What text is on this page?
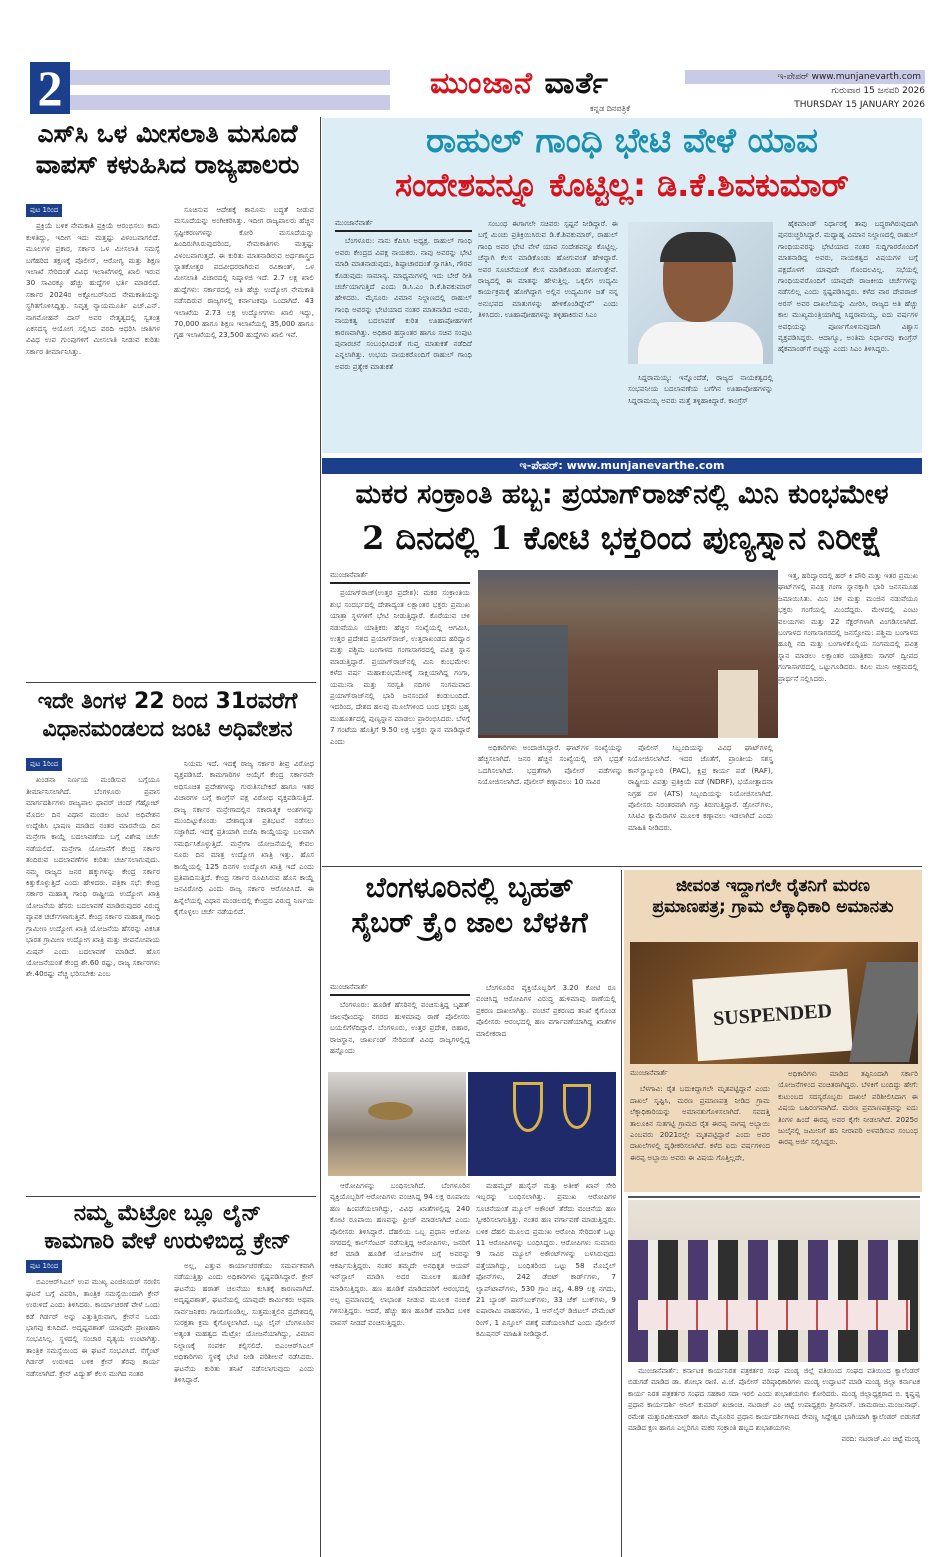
2	ಮುಂಜಾನೆ ವಾರ್ತೆ
ಕನ್ನಡ ದಿನಪತ್ರಿಕೆ
ಇ-ಪೇಪರ್ www.munjanevarth.com
ಗುರುವಾರ 15 ಜನವರಿ 2026
THURSDAY 15 JANUARY 2026
ಎಸ್‌ಸಿ ಒಳ ಮೀಸಲಾತಿ ಮಸೂದೆ
ವಾಪಸ್ ಕಳುಹಿಸಿದ ರಾಜ್ಯಪಾಲರು
ಪುಟ 1ರಿಂದ

ಪ್ರಕ್ರಿಯೆ ಬಳಿಕ ನೇಮಕಾತಿ ಪ್ರಕ್ರಿಯೆ ಆರಂಭಿಸಲು ಕಾದು ಕುಳಿತಿದ್ದು, ಇದೀಗ ಇದು ಮತ್ತಷ್ಟು ವಿಳಂಬವಾಗಲಿದೆ. ಮೂಲಗಳ ಪ್ರಕಾರ, ಸರ್ಕಾರ ಒಳ ಮೀಸಲಾತಿ ಸಮಸ್ಯೆ ಬಗೆಹರಿದ ತಕ್ಷಣಕ್ಕೆ ಪೊಲೀಸ್, ಆರೋಗ್ಯ ಮತ್ತು ಶಿಕ್ಷಣ ಇಲಾಖೆ ಸೇರಿದಂತೆ ವಿವಿಧ ಇಲಾಖೆಗಳಲ್ಲಿ ಖಾಲಿ ಇರುವ 30 ಸಾವಿರಕ್ಕೂ ಹೆಚ್ಚು ಹುದ್ದೆಗಳ ಭರ್ತಿ ಮಾಡಲಿದೆ. ಸರ್ಕಾರ 2024ರ ಅಕ್ಟೋಬರ್‌ನಿಂದ ನೇಮಕಾತಿಯನ್ನು ಸ್ಥಗಿತಗೊಳಿಸಿದ್ದಿತ್ತು. ನಿವೃತ್ತ ನ್ಯಾಯಮೂರ್ತಿ ಎಚ್.ಎನ್. ನಾಗಮೋಹನ್ ದಾಸ್ ಅವರ ನೇತೃತ್ವದಲ್ಲಿ ಸ್ವತಂತ್ರ ಏಕಸದಸ್ಯ ಆಯೋಗ ಸಲ್ಲಿಸಿದ ವರದಿ ಆಧರಿಸಿ ಜಾತಿಗಳ ವಿವಿಧ ಉಪ ಗುಂಪುಗಳಿಗೆ ಮೀಸಲಾತಿ ನೀಡುವ ಕುರಿತು ಸರ್ಕಾರ ತೀರ್ಮಾನಿಸಿತ್ತು.

ಸೂಚಿಸುವ ಆದೇಶಕ್ಕೆ ಕಾನೂನು ಬದ್ಧತೆ ನೀಡುವ ಮಸೂದೆಯನ್ನು ಅಂಗೀಕರಿಸಿತ್ತು. ಇದೀಗ ರಾಜ್ಯಪಾಲರು ಹೆಚ್ಚಿನ ಸ್ಪಷ್ಟೀಕರಣಗಳನ್ನು ಕೋರಿ ಮಸೂದೆಯನ್ನು ಹಿಂದಿರುಗಿಸಿರುವುದರಿಂದ, ನೇಮಕಾತಿಗಳು ಮತ್ತಷ್ಟು ವಿಳಂಬವಾಗುತ್ತದೆ. ಈ ಕುರಿತು ಮಾತನಾಡಿರುವ ಅರ್ಥಶಾಸ್ತ್ರದ ಸ್ನಾತಕೋತ್ತರ ಪದವೀಧರರಾಗಿರುವ ರವಿಕಾಂತ್, ಒಳ ಮೀಸಲಾತಿ ವಿಚಾರದಲ್ಲಿ ನಿಷ್ಕಾಳಜಿ ಇದೆ. 2.7 ಲಕ್ಷ ಖಾಲಿ ಹುದ್ದೆಗಳು: ಸರ್ಕಾರದಲ್ಲಿ ಅತಿ ಹೆಚ್ಚು ಉದ್ಯೋಗ ನೇಮಕಾತಿ ನಡೆಸದಿರುವ ರಾಜ್ಯಗಳಲ್ಲಿ ಕರ್ನಾಟಕವೂ ಒಂದಾಗಿದೆ. 43 ಇಲಾಖೆಯ 2.73 ಲಕ್ಷ ಉದ್ಯೋಗಗಳು ಖಾಲಿ ಇದ್ದು, 70,000 ಹಾಗೂ ಶಿಕ್ಷಣ ಇಲಾಖೆಯಲ್ಲಿ 35,000 ಹಾಗೂ ಗೃಹ ಇಲಾಖೆಯಲ್ಲಿ 23,500 ಹುದ್ದೆಗಳು ಖಾಲಿ ಇವೆ.

ರಾಹುಲ್ ಗಾಂಧಿ ಭೇಟಿ ವೇಳೆ ಯಾವ
ಸಂದೇಶವನ್ನೂ ಕೊಟ್ಟಿಲ್ಲ: ಡಿ.ಕೆ.ಶಿವಕುಮಾರ್
ಮುಂಜಾನೆವಾರ್ತೆ

ಬೆಂಗಳೂರು: ನಾನು ಕೆಪಿಸಿಸಿ ಅಧ್ಯಕ್ಷ. ರಾಹುಲ್ ಗಾಂಧಿ ಅವರು ಕೇಂದ್ರದ ವಿಪಕ್ಷ ನಾಯಕರು. ನಾವು ಅವರನ್ನು ಭೇಟಿ ಮಾಡಿ ಮಾತನಾಡುವುದು, ಶಿಷ್ಟಾಚಾರದಂತೆ ಸ್ವಾಗತಿಸಿ, ಗೌರವ ಕೊಡುವುದು ಸಾಮಾನ್ಯ. ಮಾಧ್ಯಮಗಳಲ್ಲಿ ಇದು ಬೇರೆ ರೀತಿ ಚರ್ಚೆಯಾಗುತ್ತಿದೆ ಎಂದು ಡಿ.ಸಿ.ಎಂ ಡಿ.ಕೆ.ಶಿವಕುಮಾರ್ ಹೇಳಿದರು. ಮೈಸೂರು ವಿಮಾನ ನಿಲ್ದಾಣದಲ್ಲಿ ರಾಹುಲ್ ಗಾಂಧಿ ಅವರನ್ನು ಭೇಟಿಯಾದ ನಂತರ ಮಾತನಾಡಿದ ಅವರು, ನಾಯಕತ್ವ ಬದಲಾವಣೆ ಕುರಿತ ಊಹಾಪೋಹಗಳಿಗೆ ಕಾರಣವಾಗಿತ್ತು. ಅಧಿಕಾರ ಹಸ್ತಾಂತರ ಹಾಗೂ ಸಚಿವ ಸಂಪುಟ ಪುನಾರಚನೆ ಸಂಬಂಧಿಸಿದಂತೆ ಗುಪ್ತ ಮಾತುಕತೆ ನಡೆದಿದೆ ಎನ್ನಲಾಗಿತ್ತು. ಉಭಯ ನಾಯಕರೊಂದಿಗೆ ರಾಹುಲ್ ಗಾಂಧಿ ಅವರು ಪ್ರತ್ಯೇಕ ಮಾತುಕತೆ

ಸಂಬಂಧ ಈಗಾಗಲೇ ಸಚಿವರು ಸ್ಪಷ್ಟನೆ ನೀಡಿದ್ದಾರೆ. ಈ ಬಗ್ಗೆ ಮಿಂಚು ಪ್ರತಿಕ್ರಿಯಿಸಿರುವ ಡಿ.ಕೆ.ಶಿವಕುಮಾರ್, ರಾಹುಲ್ ಗಾಂಧಿ ಅವರ ಭೇಟಿ ವೇಳೆ ಯಾವ ಸಂದೇಶವನ್ನೂ ಕೊಟ್ಟಿಲ್ಲ. ಚೆನ್ನಾಗಿ ಕೆಲಸ ಮಾಡಿಕೊಂಡು ಹೋಗುವಂತೆ ಹೇಳಿದ್ದಾರೆ. ಅವರ ಸೂಚನೆಯಂತೆ ಕೆಲಸ ಮಾಡಿಕೊಂಡು ಹೋಗುತ್ತೇವೆ. ರಾಜ್ಯದಲ್ಲಿ ಈ ಮಾತನ್ನು ಹೇಳುತ್ತಿಲ್ಲ. ಒಕ್ಕಲಿಗ ಉದ್ಯಮಿ ಕಾರ್ಯಕ್ರಮಕ್ಕೆ ಹೋಗಿದ್ದಾಗ ಅಲ್ಲಿನ ಉದ್ಯಮಿಗಳ ಜತೆ ನನ್ನ ಅನುಭವದ ಮಾತುಗಳನ್ನು ಹೇಳಿಕೊಂಡಿದ್ದೇನೆ" ಎಂದು ತಿಳಿಸಿದರು. ಊಹಾಪೋಹಗಳನ್ನು ತಳ್ಳಿಹಾಕಿರುವ ಸಿಎಂ

ಸಿದ್ದರಾಮಯ್ಯ: ಇನ್ನೊಂದೆಡೆ, ರಾಜ್ಯದ ನಾಯಕತ್ವದಲ್ಲಿ ಸಂಭವನೀಯ ಬದಲಾವಣೆಯ ಬಗೆಗಿನ ಊಹಾಪೋಹಗಳನ್ನು ಸಿದ್ದರಾಮಯ್ಯ ಅವರು ಮತ್ತೆ ತಳ್ಳಿಹಾಕಿದ್ದಾರೆ. ಕಾಂಗ್ರೆಸ್

ಹೈಕಮಾಂಡ್ ನಿರ್ಧಾರಕ್ಕೆ ತಾವು ಬದ್ಧರಾಗಿರುವುದಾಗಿ ಪುನರುಚ್ಚರಿಸಿದ್ದಾರೆ. ಮಧ್ಯಾಹ್ನ ವಿಮಾನ ನಿಲ್ದಾಣದಲ್ಲಿ ರಾಹುಲ್ ಗಾಂಧಿಯವರನ್ನು ಭೇಟಿಯಾದ ನಂತರ ಸುದ್ದಿಗಾರರೊಂದಿಗೆ ಮಾತನಾಡಿದ್ದ ಅವರು, ನಾಯಕತ್ವದ ವಿಷಯಗಳ ಬಗ್ಗೆ ಪಕ್ಷದೊಳಗೆ ಯಾವುದೇ ಗೊಂದಲವಿಲ್ಲ. ಸಭೆಯಲ್ಲಿ ಗಾಂಧಿಯವರೊಂದಿಗೆ ಯಾವುದೇ ರಾಜಕೀಯ ಚರ್ಚೆಗಳನ್ನು ನಡೆಸಲಿಲ್ಲ ಎಂದು ಸ್ಪಷ್ಟಪಡಿಸಿದ್ದರು. ಕಳೆದ ವಾರ ದೇವರಾಜ್ ಅರಸ್ ಅವರ ದಾಖಲೆಯನ್ನು ಮೀರಿಸಿ, ರಾಜ್ಯದ ಅತಿ ಹೆಚ್ಚು ಕಾಲ ಮುಖ್ಯಮಂತ್ರಿಯಾಗಿದ್ದ ಸಿದ್ದರಾಮಯ್ಯ, ಐದು ವರ್ಷಗಳ ಅವಧಿಯನ್ನು ಪೂರ್ಣಗೊಳಿಸುವುದಾಗಿ ವಿಶ್ವಾಸ ವ್ಯಕ್ತಪಡಿಸಿದ್ದರು. ಆದಾಗ್ಯೂ, ಅಂತಿಮ ನಿರ್ಧಾರವು ಕಾಂಗ್ರೆಸ್ ಹೈಕಮಾಂಡ್‌ಗೆ ಬಿಟ್ಟದ್ದು ಎಂದು ಸಿಎಂ ತಿಳಿಸಿದ್ದರು.

ಇ-ಪೇಪರ್: www.munjanevarthe.com
ಮಕರ ಸಂಕ್ರಾಂತಿ ಹಬ್ಬ: ಪ್ರಯಾಗ್‌ರಾಜ್‌ನಲ್ಲಿ ಮಿನಿ ಕುಂಭಮೇಳ
2 ದಿನದಲ್ಲಿ 1 ಕೋಟಿ ಭಕ್ತರಿಂದ ಪುಣ್ಯಸ್ನಾನ ನಿರೀಕ್ಷೆ
ಮುಂಜಾನೆವಾರ್ತೆ

ಪ್ರಯಾಗ್‌ರಾಜ್(ಉತ್ತರ ಪ್ರದೇಶ): ಮಕರ ಸಂಕ್ರಾಂತಿಯ ಶುಭ ಸಂದರ್ಭದಲ್ಲಿ ದೇಶಾದ್ಯಂತ ಲಕ್ಷಾಂತರ ಭಕ್ತರು ಪ್ರಮುಖ ಯಾತ್ರಾ ಸ್ಥಳಗಳಿಗೆ ಭೇಟಿ ನೀಡುತ್ತಿದ್ದಾರೆ. ಕೊರೆಯುವ ಚಳಿ ನಡುವೆಯೂ ಯಾತ್ರಿಕರು ಹೆಚ್ಚಿನ ಸಂಖ್ಯೆಯಲ್ಲಿ ಆಗಮಿಸಿ, ಉತ್ತರ ಪ್ರದೇಶದ ಪ್ರಯಾಗ್‌ರಾಜ್, ಉತ್ತರಾಖಂಡದ ಹರಿದ್ವಾರ ಮತ್ತು ಪಶ್ಚಿಮ ಬಂಗಾಳದ ಗಂಗಾಸಾಗರದಲ್ಲಿ ಪವಿತ್ರ ಸ್ನಾನ ಮಾಡುತ್ತಿದ್ದಾರೆ. ಪ್ರಯಾಗ್‌ರಾಜ್‌ನಲ್ಲಿ ಮಿನಿ ಕುಂಭಮೇಳ: ಕಳೆದ ವರ್ಷ ಮಹಾಕುಂಭಮೇಳಕ್ಕೆ ಸಾಕ್ಷಿಯಾಗಿದ್ದ ಗಂಗಾ, ಯಮುನಾ ಮತ್ತು ಸರಸ್ವತಿ ನದಿಗಳ ಸಂಗಮವಾದ ಪ್ರಯಾಗ್‌ರಾಜ್‌ನಲ್ಲಿ ಭಾರಿ ಜನಸಂದಣಿ ಕಂಡುಬಂದಿದೆ. ಇದರಿಂದ, ದೇಶದ ಹಲವು ಮೂಲೆಗಳಿಂದ ಬಂದ ಭಕ್ತರು ಬ್ರಹ್ಮ ಮುಹೂರ್ತದಲ್ಲಿ ಪುಣ್ಯಸ್ನಾನ ಮಾಡಲು ಪ್ರಾರಂಭಿಸಿದರು. ಬೆಳಗ್ಗೆ 7 ಗಂಟೆಯ ಹೊತ್ತಿಗೆ 9.50 ಲಕ್ಷ ಭಕ್ತರು ಸ್ನಾನ ಮಾಡಿದ್ದಾರೆ ಎಂದು

ಅಧಿಕಾರಿಗಳು ಅಂದಾಜಿಸಿದ್ದಾರೆ. ಘಾಟ್‌ಗಳ ಸಂಖ್ಯೆಯನ್ನು ಹೆಚ್ಚಿಸಲಾಗಿದೆ. ಜನರ ಹೆಚ್ಚಿನ ಸಂಖ್ಯೆಯಲ್ಲಿ ಬಿಗಿ ಭದ್ರತೆ ಒದಗಿಸಲಾಗಿದೆ. ಭದ್ರತೆಗಾಗಿ ಪೊಲೀಸ್ ಪಡೆಗಳನ್ನು ನಿಯೋಜಿಸಲಾಗಿದೆ. ಪೊಲೀಸ್ ಕಣ್ಗಾವಲು: 10 ಸಾವಿರ

ಪೊಲೀಸ್ ಸಿಬ್ಬಂದಿಯನ್ನು ವಿವಿಧ ಘಾಟ್‌ಗಳಲ್ಲಿ ನಿಯೋಜಿಸಲಾಗಿದೆ. ಇದರ ಜೊತೆಗೆ, ಪ್ರಾಂತೀಯ ಸಶಸ್ತ್ರ ಕಾನ್‌ಸ್ಟಾಬ್ಯುಲರಿ (PAC), ಕ್ಷಿಪ್ರ ಕಾರ್ಯ ಪಡೆ (RAF), ರಾಷ್ಟ್ರೀಯ ವಿಪತ್ತು ಪ್ರತಿಕ್ರಿಯೆ ಪಡೆ (NDRF), ಭಯೋತ್ಪಾದನಾ ನಿಗ್ರಹ ದಳ (ATS) ಸಿಬ್ಬಂದಿಯನ್ನು ನಿಯೋಜಿಸಲಾಗಿದೆ. ಪೊಲೀಸರು ನಿರಂತರವಾಗಿ ಗಸ್ತು ತಿರುಗುತ್ತಿದ್ದಾರೆ. ಡ್ರೋನ್‌ಗಳು, ಸಿಸಿಟಿವಿ ಕ್ಯಾಮೆರಾಗಳ ಮೂಲಕ ಕಣ್ಗಾವಲು ಇಡಲಾಗಿದೆ ಎಂದು ಮಾಹಿತಿ ನೀಡಿದರು.

ಇತ್ತ, ಹರಿದ್ವಾರದಲ್ಲಿ ಹರ್ ಕಿ ಪೌರಿ ಮತ್ತು ಇತರ ಪ್ರಮುಖ ಘಾಟ್‌ಗಳಲ್ಲಿ ಪವಿತ್ರ ಗಂಗಾ ಸ್ನಾನಕ್ಕಾಗಿ ಭಾರಿ ಜನಸಮೂಹ ಜಮಾಯಿಸಿತು. ಮಿನಿ ಚಳಿ ಮತ್ತು ಮಂಜಿನ ನಡುವೆಯೂ ಭಕ್ತರು ಗಂಗೆಯಲ್ಲಿ ಮಿಂದೆದ್ದರು. ಮೇಳದಲ್ಲಿ ಎಂಟು ವಲಯಗಳು ಮತ್ತು 22 ಸೆಕ್ಟರ್‌ಗಳಾಗಿ ವಿಂಗಡಿಸಲಾಗಿದೆ. ಬಂಗಾಳದ ಗಂಗಾಸಾಗರದಲ್ಲಿ ಜನಸ್ತೋಮ: ಪಶ್ಚಿಮ ಬಂಗಾಳದ ಹೂಗ್ಲಿ ನದಿ ಮತ್ತು ಬಂಗಾಳಕೊಲ್ಲಿಯ ಸಂಗಮದಲ್ಲಿ ಪವಿತ್ರ ಸ್ನಾನ ಮಾಡಲು ಲಕ್ಷಾಂತರ ಯಾತ್ರಿಕರು ಸಾಗರ್ ದ್ವೀಪದ ಗಂಗಾಸಾಗರದಲ್ಲಿ ಒಟ್ಟುಗೂಡಿದರು. ಕಪಿಲ ಮುನಿ ಆಶ್ರಮದಲ್ಲಿ ಪ್ರಾರ್ಥನೆ ಸಲ್ಲಿಸಿದರು.

ಇದೇ ತಿಂಗಳ 22 ರಿಂದ 31ರವರೆಗೆ
ವಿಧಾನಮಂಡಲದ ಜಂಟಿ ಅಧಿವೇಶನ
ಪುಟ 1ರಿಂದ

ಖಂಡನಾ ನಿರ್ಣಯ ಮಂಡಿಸುವ ಬಗ್ಗೆಯೂ ತೀರ್ಮಾನಿಸಲಾಗಿದೆ. ಬೆಂಗಳೂರು ಪ್ರವಾಸ ಮಾರ್ಗದರ್ಶಿಗಳು ರಾಜ್ಯಪಾಲ ಥಾವರ್ ಚಂದ್ ಗೆಹ್ಲೋಟ್ ಮೊದಲ ದಿನ ವಿಧಾನ ಮಂಡಲ ಜಂಟಿ ಅಧಿವೇಶನ ಉದ್ದೇಶಿಸಿ ಭಾಷಣ ಮಾಡಿದ ನಂತರ ಮಾರನೇಯ ದಿನ ಮನ್ರೇಗಾ ಕಾಯ್ದೆ ಬದಲಾವಣೆಯ ಬಗ್ಗೆ ವಿಶೇಷ ಚರ್ಚೆ ನಡೆಯಲಿದೆ. ಮನ್ರೇಗಾ ಯೋಜನೆಗೆ ಕೇಂದ್ರ ಸರ್ಕಾರ ತಂದಿರುವ ಬದಲಾವಣೆಗಳ ಕುರಿತು ಚರ್ಚಿಸಲಾಗುವುದು. ನಮ್ಮ ರಾಜ್ಯದ ಜನರ ಹಕ್ಕುಗಳನ್ನು ಕೇಂದ್ರ ಸರ್ಕಾರ ಕಿತ್ತುಕೊಳ್ಳುತ್ತಿದೆ ಎಂದು ಹೇಳಿದರು. ಪತ್ರಿಕಾ ಸಭೆ: ಕೇಂದ್ರ ಸರ್ಕಾರ ಮಹಾತ್ಮ ಗಾಂಧಿ ರಾಷ್ಟ್ರೀಯ ಉದ್ಯೋಗ ಖಾತ್ರಿ ಯೋಜನೆಯ ಹೆಸರು ಬದಲಾವಣೆ ಮಾಡಿರುವುದರ ವಿರುದ್ಧ ವ್ಯಾಪಕ ಚರ್ಚೆಗಳಾಗುತ್ತಿವೆ. ಕೇಂದ್ರ ಸರ್ಕಾರ ಮಹಾತ್ಮ ಗಾಂಧಿ ಗ್ರಾಮೀಣ ಉದ್ಯೋಗ ಖಾತ್ರಿ ಯೋಜನೆಯ ಹೆಸರನ್ನು ವಿಕಸಿತ ಭಾರತ ಗ್ರಾಮೀಣ ಉದ್ಯೋಗ ಖಾತ್ರಿ ಮತ್ತು ಜೀವನೋಪಾಯ ಮಿಷನ್ ಎಂದು ಬದಲಾವಣೆ ಮಾಡಿದೆ. ಹೊಸ ಯೋಜನೆಯಂತೆ ಕೇಂದ್ರ ಶೇ.60 ರಷ್ಟು, ರಾಜ್ಯ ಸರ್ಕಾರಗಳು ಶೇ.40ರಷ್ಟು ವೆಚ್ಚ ಭರಿಸಬೇಕು ಎಂಬ

ನಿಯಮ ಇದೆ. ಇದಕ್ಕೆ ರಾಜ್ಯ ಸರ್ಕಾರ ತೀವ್ರ ವಿರೋಧ ವ್ಯಕ್ತಪಡಿಸಿದೆ. ಕಾಮಗಾರಿಗಳ ಆಯ್ಕೆಗೆ ಕೇಂದ್ರ ಸರ್ಕಾರವೇ ಅಧಿಸೂಚಿತ ಪ್ರದೇಶಗಳನ್ನು ಗುರುತಿಸಬೇಕಿದೆ ಹಾಗೂ ಇತರ ವಿಚಾರಗಳ ಬಗ್ಗೆ ಕಾಂಗ್ರೆಸ್ ಪಕ್ಷ ವಿರೋಧ ವ್ಯಕ್ತಪಡಿಸುತ್ತಿದೆ. ರಾಜ್ಯ ಸರ್ಕಾರ ಮನ್ರೇಗಾದಲ್ಲಿನ ಸಕಾರಾತ್ಮಕ ಅಂಶಗಳನ್ನು ಮುಂದಿಟ್ಟುಕೊಂಡು ದೇಶಾದ್ಯಂತ ಪ್ರತಿಭಟನೆ ನಡೆಸಲು ಸಜ್ಜಾಗಿದೆ. ಇದಕ್ಕೆ ಪ್ರತಿಯಾಗಿ ಬಿಜೆಪಿ ಕಾಯ್ದೆಯನ್ನು ಬಲವಾಗಿ ಸಮರ್ಥಿಸಿಕೊಳ್ಳುತ್ತಿದೆ. ಮನ್ರೇಗಾ ಯೋಜನೆಯಲ್ಲಿ ಕೇವಲ ನೂರು ದಿನ ಮಾತ್ರ ಉದ್ಯೋಗ ಖಾತ್ರಿ ಇತ್ತು. ಹೊಸ ಕಾಯ್ದೆಯಲ್ಲಿ 125 ದಿನಗಳ ಉದ್ಯೋಗ ಖಾತ್ರಿ ಇದೆ ಎಂದು ಪ್ರತಿಪಾದಿಸುತ್ತಿದೆ. ಕೇಂದ್ರ ಸರ್ಕಾರ ರೂಪಿಸಿರುವ ಹೊಸ ಕಾಯ್ದೆ ಜನವಿರೋಧಿ ಎಂದು ರಾಜ್ಯ ಸರ್ಕಾರ ಆರೋಪಿಸಿದೆ. ಈ ಹಿನ್ನೆಲೆಯಲ್ಲಿ ವಿಧಾನ ಮಂಡಲದಲ್ಲಿ ಕೇಂದ್ರದ ವಿರುದ್ಧ ನಿರ್ಣಯ ಕೈಗೊಳ್ಳಲು ಚರ್ಚೆ ನಡೆಯಲಿದೆ.

ಬೆಂಗಳೂರಿನಲ್ಲಿ ಬೃಹತ್
ಸೈಬರ್ ಕ್ರೈಂ ಜಾಲ ಬೆಳಕಿಗೆ
ಮುಂಜಾನೆವಾರ್ತೆ

ಬೆಂಗಳೂರು: ಹೂಡಿಕೆ ಹೆಸರಿನಲ್ಲಿ ವಂಚಿಸುತ್ತಿದ್ದ ಬೃಹತ್ ಜಾಲವೊಂದನ್ನು ನಗರದ ಹುಳಿಮಾವು ಠಾಣೆ ಪೊಲೀಸರು ಬಯಲಿಗೆಳೆದಿದ್ದಾರೆ. ಬೆಂಗಳೂರು, ಉತ್ತರ ಪ್ರದೇಶ, ಬಿಹಾರ, ರಾಜಸ್ಥಾನ, ಜಾರ್ಖಂಡ್ ಸೇರಿದಂತೆ ವಿವಿಧ ರಾಜ್ಯಗಳಲ್ಲಿದ್ದ ಹನ್ನೊಂದು

ಬೆಂಗಳೂರಿನ ವ್ಯಕ್ತಿಯೊಬ್ಬರಿಗೆ 3.20 ಕೋಟಿ ರೂ ವಂಚಿಸಿದ್ದ ಆರೋಪಿಗಳ ವಿರುದ್ಧ ಹುಳಿಮಾವು ಠಾಣೆಯಲ್ಲಿ ಪ್ರಕರಣ ದಾಖಲಾಗಿತ್ತು. ವಂಚನೆ ಪ್ರಕರಣದ ತನಿಖೆ ಕೈಗೊಂಡ ಪೊಲೀಸರು ಆರಂಭದಲ್ಲಿ ಹಣ ವರ್ಗಾವಣೆಯಾಗಿದ್ದ ಖಾತೆಗಳ ಮಾಲೀಕರಾದ

ಆರೋಪಿಗಳನ್ನು ಬಂಧಿಸಲಾಗಿದೆ. ಬೆಂಗಳೂರಿನ ವ್ಯಕ್ತಿಯೊಬ್ಬರಿಗೆ ಆರೋಪಿಗಳು ವಂಚಿಸಿದ್ದ 94 ಲಕ್ಷ ರೂಪಾಯಿ ಹಣ ಹಿಂಪಡೆಯಲಾಗಿದ್ದು, ವಿವಿಧ ಖಾತೆಗಳಲ್ಲಿದ್ದ 240 ಕೋಟಿ ರೂಪಾಯಿ ಹಣವನ್ನು ಫ್ರೀಜ್ ಮಾಡಲಾಗಿದೆ ಎಂದು ಪೊಲೀಸರು ತಿಳಿಸಿದ್ದಾರೆ. ದೆಹಲಿಯ ಒಬ್ಬ ಪ್ರಧಾನ ಆರೋಪಿ ನಗರದಲ್ಲಿ ಕಾಲ್‌ಸೆಂಟರ್ ನಡೆಸುತ್ತಿದ್ದ ಆರೋಪಿಗಳು, ಜನರಿಗೆ ಕರೆ ಮಾಡಿ ಹೂಡಿಕೆ ಯೋಜನೆಗಳ ಬಗ್ಗೆ ಅವರನ್ನು ಆಕರ್ಷಿಸುತ್ತಿದ್ದರು. ನಂತರ ತಮ್ಮದೇ ಅನಧಿಕೃತ ಆಯಪ್ ಇನ್‌ಸ್ಟಾಲ್ ಮಾಡಿಸಿ ಅದರ ಮೂಲಕ ಹೂಡಿಕೆ ಮಾಡಿಸುತ್ತಿದ್ದರು. ಹಣ ಹೂಡಿಕೆ ಮಾಡಿದವರಿಗೆ ಆರಂಭದಲ್ಲಿ ಅಲ್ಪ ಪ್ರಮಾಣದಲ್ಲಿ ಲಾಭಾಂಶ ನೀಡುವ ಮೂಲಕ ನಂಬಿಕೆ ಗಳಿಸುತ್ತಿದ್ದರು. ಆದರೆ, ಹೆಚ್ಚು ಹಣ ಹೂಡಿಕೆ ಮಾಡಿದ ಬಳಿಕ ವಾಪಸ್ ನೀಡದೆ ವಂಚಿಸುತ್ತಿದ್ದರು.

ಮಹಮ್ಮದ್ ಹುಸೈನ್ ಮತ್ತು ಅತೀಕ್ ಖಾನ್ ಸೇರಿ ಇಬ್ಬರನ್ನು ಬಂಧಿಸಲಾಗಿತ್ತು. ಪ್ರಮುಖ ಆರೋಪಿಗಳ ಸೂಚನೆಯಂತೆ ಮ್ಯೂಲ್ ಅಕೌಂಟ್ ತೆರೆದು ವಂಚನೆಯ ಹಣ ಸ್ವೀಕರಿಸಲಾಗುತ್ತಿತ್ತು. ನಂತರ ಹಣ ವರ್ಗಾವಣೆ ಮಾಡುತ್ತಿದ್ದರು. ಬಳಿಕ ದೆಹಲಿ ಮೂಲದ ಪ್ರಮುಖ ಆರೋಪಿ ಸೇರಿದಂತೆ ಒಟ್ಟು 11 ಆರೋಪಿಗಳನ್ನು ಬಂಧಿಸಿದ್ದರು. ಆರೋಪಿಗಳು ಸುಮಾರು 9 ಸಾವಿರ ಮ್ಯೂಲ್ ಅಕೌಂಟ್‌ಗಳನ್ನು ಬಳಸಿರುವುದು ಪತ್ತೆಯಾಗಿದ್ದು, ಬಂಧಿತರಿಂದ ಒಟ್ಟು 58 ಮೊಬೈಲ್ ಫೋನ್‌ಗಳು, 242 ಡೆಬಿಟ್ ಕಾರ್ಡ್‌ಗಳು, 7 ಲ್ಯಾಪ್‌ಟಾಪ್‌ಗಳು, 530 ಗ್ರಾಂ ಚಿನ್ನ, 4.89 ಲಕ್ಷ ನಗದು, 21 ಬ್ಯಾಂಕ್ ಪಾಸ್‌ಬುಕ್‌ಗಳು, 33 ಚೆಕ್ ಬುಕ್‌ಗಳು, 9 ಐಷಾರಾಮಿ ವಾಹನಗಳು, 1 ಆನ್‌ಲೈನ್ ಡಿಜಿಟಲ್ ಪೇಮೆಂಟ್ ರಿಂಗ್, 1 ಪಿಸ್ತೂಲ್ ವಶಕ್ಕೆ ಪಡೆಯಲಾಗಿದೆ ಎಂದು ಪೊಲೀಸ್ ಕಮಿಷನರ್ ಮಾಹಿತಿ ನೀಡಿದ್ದಾರೆ.

ಜೀವಂತ ಇದ್ದಾಗಲೇ ರೈತನಿಗೆ ಮರಣ
ಪ್ರಮಾಣಪತ್ರ; ಗ್ರಾಮ ಲೆಕ್ಕಾಧಿಕಾರಿ ಅಮಾನತು
SUSPENDED
ಮುಂಜಾನೆವಾರ್ತೆ

ಬೆಳಗಾವಿ: ರೈತ ಬದುಕಿದ್ದಾಗಲೇ ಮೃತಪಟ್ಟಿದ್ದಾನೆ ಎಂದು ದಾಖಲೆ ಸೃಷ್ಟಿಸಿ, ಮರಣ ಪ್ರಮಾಣಪತ್ರ ನೀಡಿದ ಗ್ರಾಮ ಲೆಕ್ಕಾಧಿಕಾರಿಯನ್ನು ಅಮಾನತುಗೊಳಿಸಲಾಗಿದೆ. ಸವದತ್ತಿ ತಾಲೂಕಿನ ಸುತಗಟ್ಟಿ ಗ್ರಾಮದ ರೈತ ಈರಪ್ಪ ನಾಗಪ್ಪ ಅಬ್ಬಾಯಿ ಎಂಬವರು 2021ರಲ್ಲೇ ಮೃತಪಟ್ಟಿದ್ದಾರೆ ಎಂದು ಅವರ ದಾಖಲೆಗಳಲ್ಲಿ ದೃಢೀಕರಿಸಲಾಗಿದೆ. ಕಳೆದ ಐದು ವರ್ಷಗಳಿಂದ ಈರಪ್ಪ ಅಬ್ಬಾಯಿ ಅವರು ಈ ವಿಷಯ ಗೊತ್ತಿಲ್ಲದೇ,

ಅಧಿಕಾರಿಗಳು ಮಾಡಿದ ತಪ್ಪಿನಿಂದಾಗಿ ಸರ್ಕಾರಿ ಯೋಜನೆಗಳಿಂದ ವಂಚಿತರಾಗಿದ್ದರು. ಬೆಳಕಿಗೆ ಬಂದಿದ್ದು ಹೇಗೆ: ಕುಟುಂಬದ ಸದಸ್ಯರೊಬ್ಬರು ದಾಖಲೆ ಪರಿಶೀಲಿಸಿದಾಗ ಈ ವಿಷಯ ಬಹಿರಂಗವಾಗಿದೆ. ಮರಣ ಪ್ರಮಾಣಪತ್ರವನ್ನು ಐದು ತಿಂಗಳ ಹಿಂದೆ ಈರಪ್ಪ ಅವರ ಕೈಗೇ ನೀಡಲಾಗಿದೆ. 2025ರ ಜುಲೈನಲ್ಲಿ ಜಮೀನಿಗೆ ಹನಿ ನೀರಾವರಿ ಅಳವಡಿಸುವ ಸಂಬಂಧ ಈರಪ್ಪ ಅರ್ಜಿ ಸಲ್ಲಿಸಿದ್ದರು.

ಮುಂಜಾನೆವಾರ್ತೆ: ಕರ್ನಾಟಕ ಕಾರ್ಯನಿರತ ಪತ್ರಕರ್ತರ ಸಂಘ ಮಂಡ್ಯ ಜಿಲ್ಲೆ ವತಿಯಿಂದ ಸಂಘದ ವತಿಯಿಂದ ಕ್ಯಾಲೆಂಡರ್ ಬಿಡುಗಡೆ ಮಾಡಿದ ಡಾ. ಶೋಭಾ ರಾಣಿ. ವಿ.ಜೆ. ಪೊಲೀಸ್ ವರಿಷ್ಠಾಧಿಕಾರಿಗಳು ಮಂಡ್ಯ ಉದ್ಘಾಟನೆ ಮಾಡಿ ಮಂಡ್ಯ ಜಿಲ್ಲಾ ಕರ್ನಾಟಕ ಕಾರ್ಯ ನಿರತ ಪತ್ರಕರ್ತರ ಸಂಘದ ಸಹಕಾರ ಸದಾ ಇರಲಿ ಎಂದು ಶುಭಾಶಯಗಳು ಕೋರಿದರು. ಮಂಡ್ಯ ಜಿಲ್ಲಾಧ್ಯಕ್ಷರಾದ ಬಿ. ಕೃಷ್ಣಪ್ಪ ಪ್ರಧಾನ ಕಾರ್ಯದರ್ಶಿ ಅನಿಲ್ ಕುಮಾರ್ ಖಜಾಂಚಿ. ನಟರಾಜ್ ಎಂ ಚಿಟ್ಟೆ ಉಪಾಧ್ಯಕ್ಷರು ಶ್ರೀನಿವಾಸ್. ಚಾಮರಾಜು.ಮಂಜುನಾಥ್. ರಮೇಶ ಮತ್ತುರವಿಕುಮಾರ್ ಹಾಗೂ ಮೈಸೂರಿನ ಪ್ರಧಾನ ಕಾರ್ಯದರ್ಶಿಗಳಾದ ರೇವಣ್ಣ ಸಿದ್ದೇಶ್ವರ ಭಾಗಿಯಾಗಿ ಕ್ಯಾಲೆಂಡರ್ ಬಿಡುಗಡೆ ಮಾಡಿದ ಕ್ಷಣ ಹಾಗೂ ಎಲ್ಲರಿಗೂ ಮಕರ ಸಂಕ್ರಾಂತಿ ಹಬ್ಬದ ಶುಭಾಶಯಗಳು

ವರದಿ: ನಟರಾಜ್.ಎಂ ಚಿಟ್ಟೆ ಮಂಡ್ಯ
ನಮ್ಮ ಮೆಟ್ರೋ ಬ್ಲೂ ಲೈನ್
ಕಾಮಗಾರಿ ವೇಳೆ ಉರುಳಿಬಿದ್ದ ಕ್ರೇನ್
ಪುಟ 1ರಿಂದ

ಬಿಎಂಆರ್‌ಸಿಎಲ್ ಉಪ ಮುಖ್ಯ ಎಂಜಿನಿಯರ್ ಸರಣಿಸ ಘಟನೆ ಬಗ್ಗೆ ವಿವರಿಸಿ, ತಾಂತ್ರಿಕ ಸಮಸ್ಯೆಯಿಂದಾಗಿ ಕ್ರೇನ್ ಉರುಳಿದೆ ಎಂದು ತಿಳಿಸಿದರು. ಕಾರ್ಯಾಚರಣೆ ವೇಳೆ ಒಂದು ಕಡೆ ಗಿರ್ಡರ್ ಅನ್ನು ಎತ್ತುತ್ತಿರುವಾಗ, ಕ್ರೇನ್‌ನ ಒಂದು ಭಾಗವು ಕುಸಿದಿದೆ. ಅದೃಷ್ಟವಶಾತ್ ಯಾವುದೇ ಪ್ರಾಣಹಾನಿ ಸಂಭವಿಸಿಲ್ಲ. ಸ್ಥಳದಲ್ಲಿ ಸಂಚಾರ ವ್ಯತ್ಯಯ ಉಂಟಾಗಿತ್ತು. ತಾಂತ್ರಿಕ ಸಮಸ್ಯೆಯಿಂದ ಈ ಘಟನೆ ಸಂಭವಿಸಿದೆ. ಸೆಗ್ಮೆಂಟ್ ಗಿರ್ಡರ್ ಉರುಳಿದ ಬಳಿಕ ಕ್ರೇನ್ ತೆರವು ಕಾರ್ಯ ನಡೆಸಲಾಗಿದೆ. ಕ್ರೇನ್ ವಿದ್ಯುತ್ ಕೆಲಸ ಮುಗಿದ ನಂತರ

ಅಲ್ಲ, ಎತ್ತುವ ಕಾರ್ಯಾಚರಣೆಯು ಸಮರ್ಪಕವಾಗಿ ನಡೆಯುತ್ತಿತ್ತು ಎಂದು ಅಧಿಕಾರಿಗಳು ಸ್ಪಷ್ಟಪಡಿಸಿದ್ದಾರೆ. ಕ್ರೇನ್ ಘಟನೆಯ ಹಠಾತ್ ಚಲನೆಯು ಕುಸಿತಕ್ಕೆ ಕಾರಣವಾಗಿದೆ. ಅದೃಷ್ಟವಶಾತ್, ಘಟನೆಯಲ್ಲಿ ಯಾವುದೇ ಕಾರ್ಮಿಕರು ಅಥವಾ ಸಾರ್ವಜನಿಕರು ಗಾಯಗೊಂಡಿಲ್ಲ. ಸುತ್ತಮುತ್ತಲಿನ ಪ್ರದೇಶದಲ್ಲಿ ಸುರಕ್ಷತಾ ಕ್ರಮ ಕೈಗೊಳ್ಳಲಾಗಿದೆ. ಬ್ಲೂ ಲೈನ್ ಬೆಂಗಳೂರಿನ ಅತ್ಯಂತ ಮಹತ್ವದ ಮೆಟ್ರೋ ಯೋಜನೆಯಾಗಿದ್ದು, ವಿಮಾನ ನಿಲ್ದಾಣಕ್ಕೆ ಸಂಪರ್ಕ ಕಲ್ಪಿಸಲಿದೆ. ಬಿಎಂಆರ್‌ಸಿಎಲ್ ಅಧಿಕಾರಿಗಳು ಸ್ಥಳಕ್ಕೆ ಭೇಟಿ ನೀಡಿ ಪರಿಶೀಲನೆ ನಡೆಸಿದರು. ಘಟನೆಯ ಕುರಿತು ತನಿಖೆ ನಡೆಸಲಾಗುವುದು ಎಂದು ತಿಳಿಸಿದ್ದಾರೆ.
